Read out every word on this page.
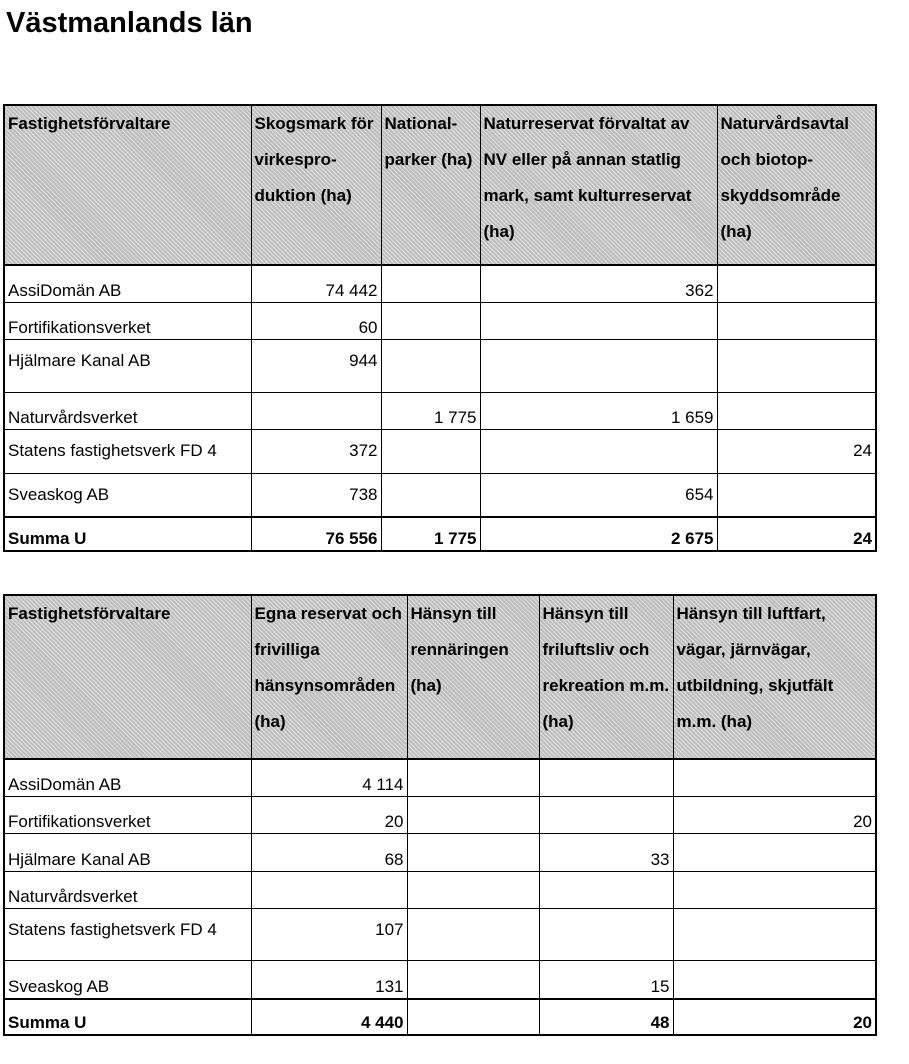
Västmanlands län
Fastighetsförvaltare	Skogsmark för virkespro-duktion (ha)	National-parker (ha)	Naturreservat förvaltat av NV eller på annan statlig mark, samt kulturreservat (ha)	Naturvårdsavtal och biotop-skyddsområde (ha)
AssiDomän AB	74 442		362	
Fortifikationsverket	60			
Hjälmare Kanal AB	944			
Naturvårdsverket		1 775	1 659	
Statens fastighetsverk FD 4	372			24
Sveaskog AB	738		654	
Summa U	76 556	1 775	2 675	24
Fastighetsförvaltare	Egna reservat och frivilliga hänsynsområden (ha)	Hänsyn till rennäringen (ha)	Hänsyn till friluftsliv och rekreation m.m. (ha)	Hänsyn till luftfart, vägar, järnvägar, utbildning, skjutfält m.m. (ha)
AssiDomän AB	4 114			
Fortifikationsverket	20			20
Hjälmare Kanal AB	68		33	
Naturvårdsverket				
Statens fastighetsverk FD 4	107			
Sveaskog AB	131		15	
Summa U	4 440		48	20
